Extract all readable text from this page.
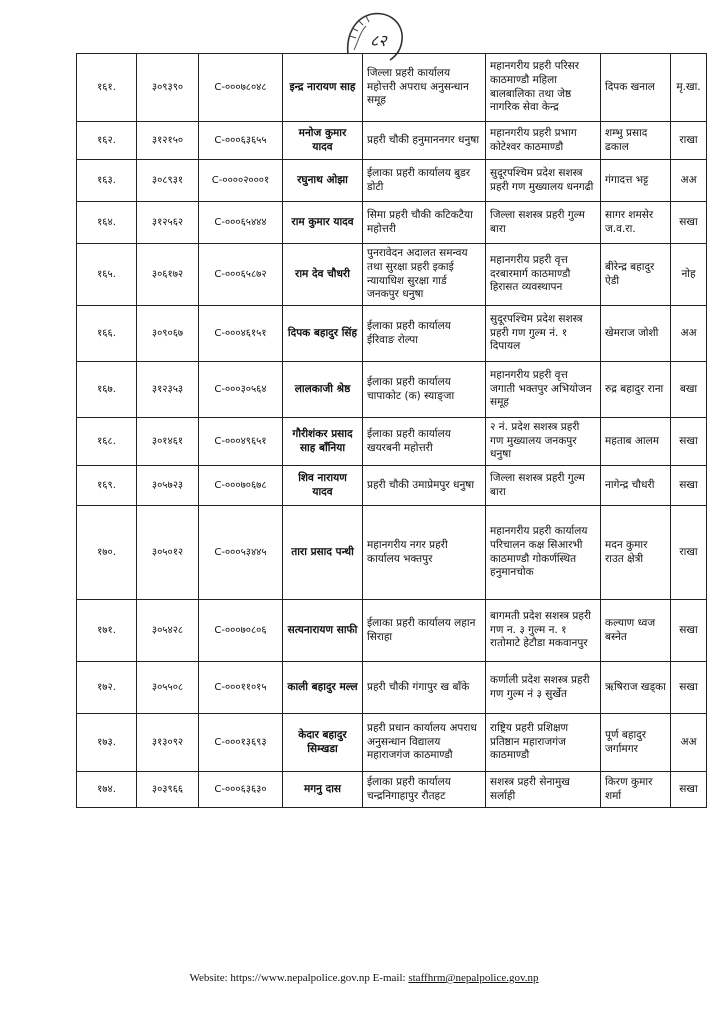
८२
१६१.	३०९३९०	C-०००७८०४८	इन्द्र नारायण साह	जिल्ला प्रहरी कार्यालय महोत्तरी अपराध अनुसन्धान समूह	महानगरीय प्रहरी परिसर काठमाण्डौ महिला बालबालिका तथा जेष्ठ नागरिक सेवा केन्द्र	दिपक खनाल	मृ.खा.
१६२.	३१२१५०	C-०००६३६५५	मनोज कुमार यादव	प्रहरी चौकी हनुमाननगर धनुषा	महानगरीय प्रहरी प्रभाग कोटेश्वर काठमाण्डौ	शम्भु प्रसाद ढकाल	राखा
१६३.	३०८९३१	C-००००२०००१	रघुनाथ ओझा	ईलाका प्रहरी कार्यालय बुडर डोटी	सुदूरपश्चिम प्रदेश सशस्त्र प्रहरी गण मुख्यालय धनगढी	गंगादत्त भट्ट	अअ
१६४.	३१२५६२	C-०००६५४४४	राम कुमार यादव	सिमा प्रहरी चौकी कटिकटैया महोत्तरी	जिल्ला सशस्त्र प्रहरी गुल्म बारा	सागर शमसेर ज.व.रा.	सखा
१६५.	३०६१७२	C-०००६५८७२	राम देव चौधरी	पुनरावेदन अदालत समन्वय तथा सुरक्षा प्रहरी इकाई न्यायाधिश सुरक्षा गार्ड जनकपुर धनुषा	महानगरीय प्रहरी वृत्त दरबारमार्ग काठमाण्डौ हिरासत व्यवस्थापन	बीरेन्द्र बहादुर ऐडी	नोह
१६६.	३०९०६७	C-०००४६१५१	दिपक बहादुर सिंह	ईलाका प्रहरी कार्यालय ईरिवाङ रोल्पा	सुदूरपश्चिम प्रदेश सशस्त्र प्रहरी गण गुल्म नं. १ दिपायल	खेमराज जोशी	अअ
१६७.	३१२३५३	C-०००३०५६४	लालकाजी श्रेष्ठ	ईलाका प्रहरी कार्यालय चापाकोट (क) स्याङ्जा	महानगरीय प्रहरी वृत्त जगाती भक्तपुर अभियोजन समूह	रुद्र बहादुर राना	बखा
१६८.	३०१४६१	C-०००४९६५१	गौरीशंकर प्रसाद साह बाँनिया	ईलाका प्रहरी कार्यालय खयरबनी महोत्तरी	२ नं. प्रदेश सशस्त्र प्रहरी गण मुख्यालय जनकपुर धनुषा	महताब आलम	सखा
१६९.	३०५७२३	C-०००७०६७८	शिव नारायण यादव	प्रहरी चौकी उमाप्रेमपुर धनुषा	जिल्ला सशस्त्र प्रहरी गुल्म बारा	नागेन्द्र चौधरी	सखा
१७०.	३०५०१२	C-०००५३४४५	तारा प्रसाद पन्थी	महानगरीय नगर प्रहरी कार्यालय भक्तपुर	महानगरीय प्रहरी कार्यालय परिचालन कक्ष सिआरभी काठमाण्डौ गोकर्णस्थित हनुमानचोक	मदन कुमार राउत क्षेत्री	राखा
१७१.	३०५४२८	C-०००७०८०६	सत्यनारायण साफी	ईलाका प्रहरी कार्यालय लहान सिराहा	बागमती प्रदेश सशस्त्र प्रहरी गण न. ३ गुल्म न. १ रातोमाटे हेटौडा मकवानपुर	कल्याण ध्वज बस्नेत	सखा
१७२.	३०५५०८	C-०००११०१५	काली बहादुर मल्ल	प्रहरी चौकी गंगापुर ख बाँके	कर्णाली प्रदेश सशस्त्र प्रहरी गण गुल्म नं ३ सुर्खेत	ऋषिराज खड्का	सखा
१७३.	३१३०९२	C-०००१३६९३	केदार बहादुर सिम्खडा	प्रहरी प्रधान कार्यालय अपराध अनुसन्धान विद्यालय महाराजगंज काठमाण्डौ	राष्ट्रिय प्रहरी प्रशिक्षण प्रतिष्ठान महाराजगंज काठमाण्डौ	पूर्ण बहादुर जर्गामगर	अअ
१७४.	३०३९६६	C-०००६३६३०	मगनु दास	ईलाका प्रहरी कार्यालय चन्द्रनिगाहापुर रौतहट	सशस्त्र प्रहरी सेनामुख सर्लाही	किरण कुमार शर्मा	सखा
Website: https://www.nepalpolice.gov.np E-mail: staffhrm@nepalpolice.gov.np
